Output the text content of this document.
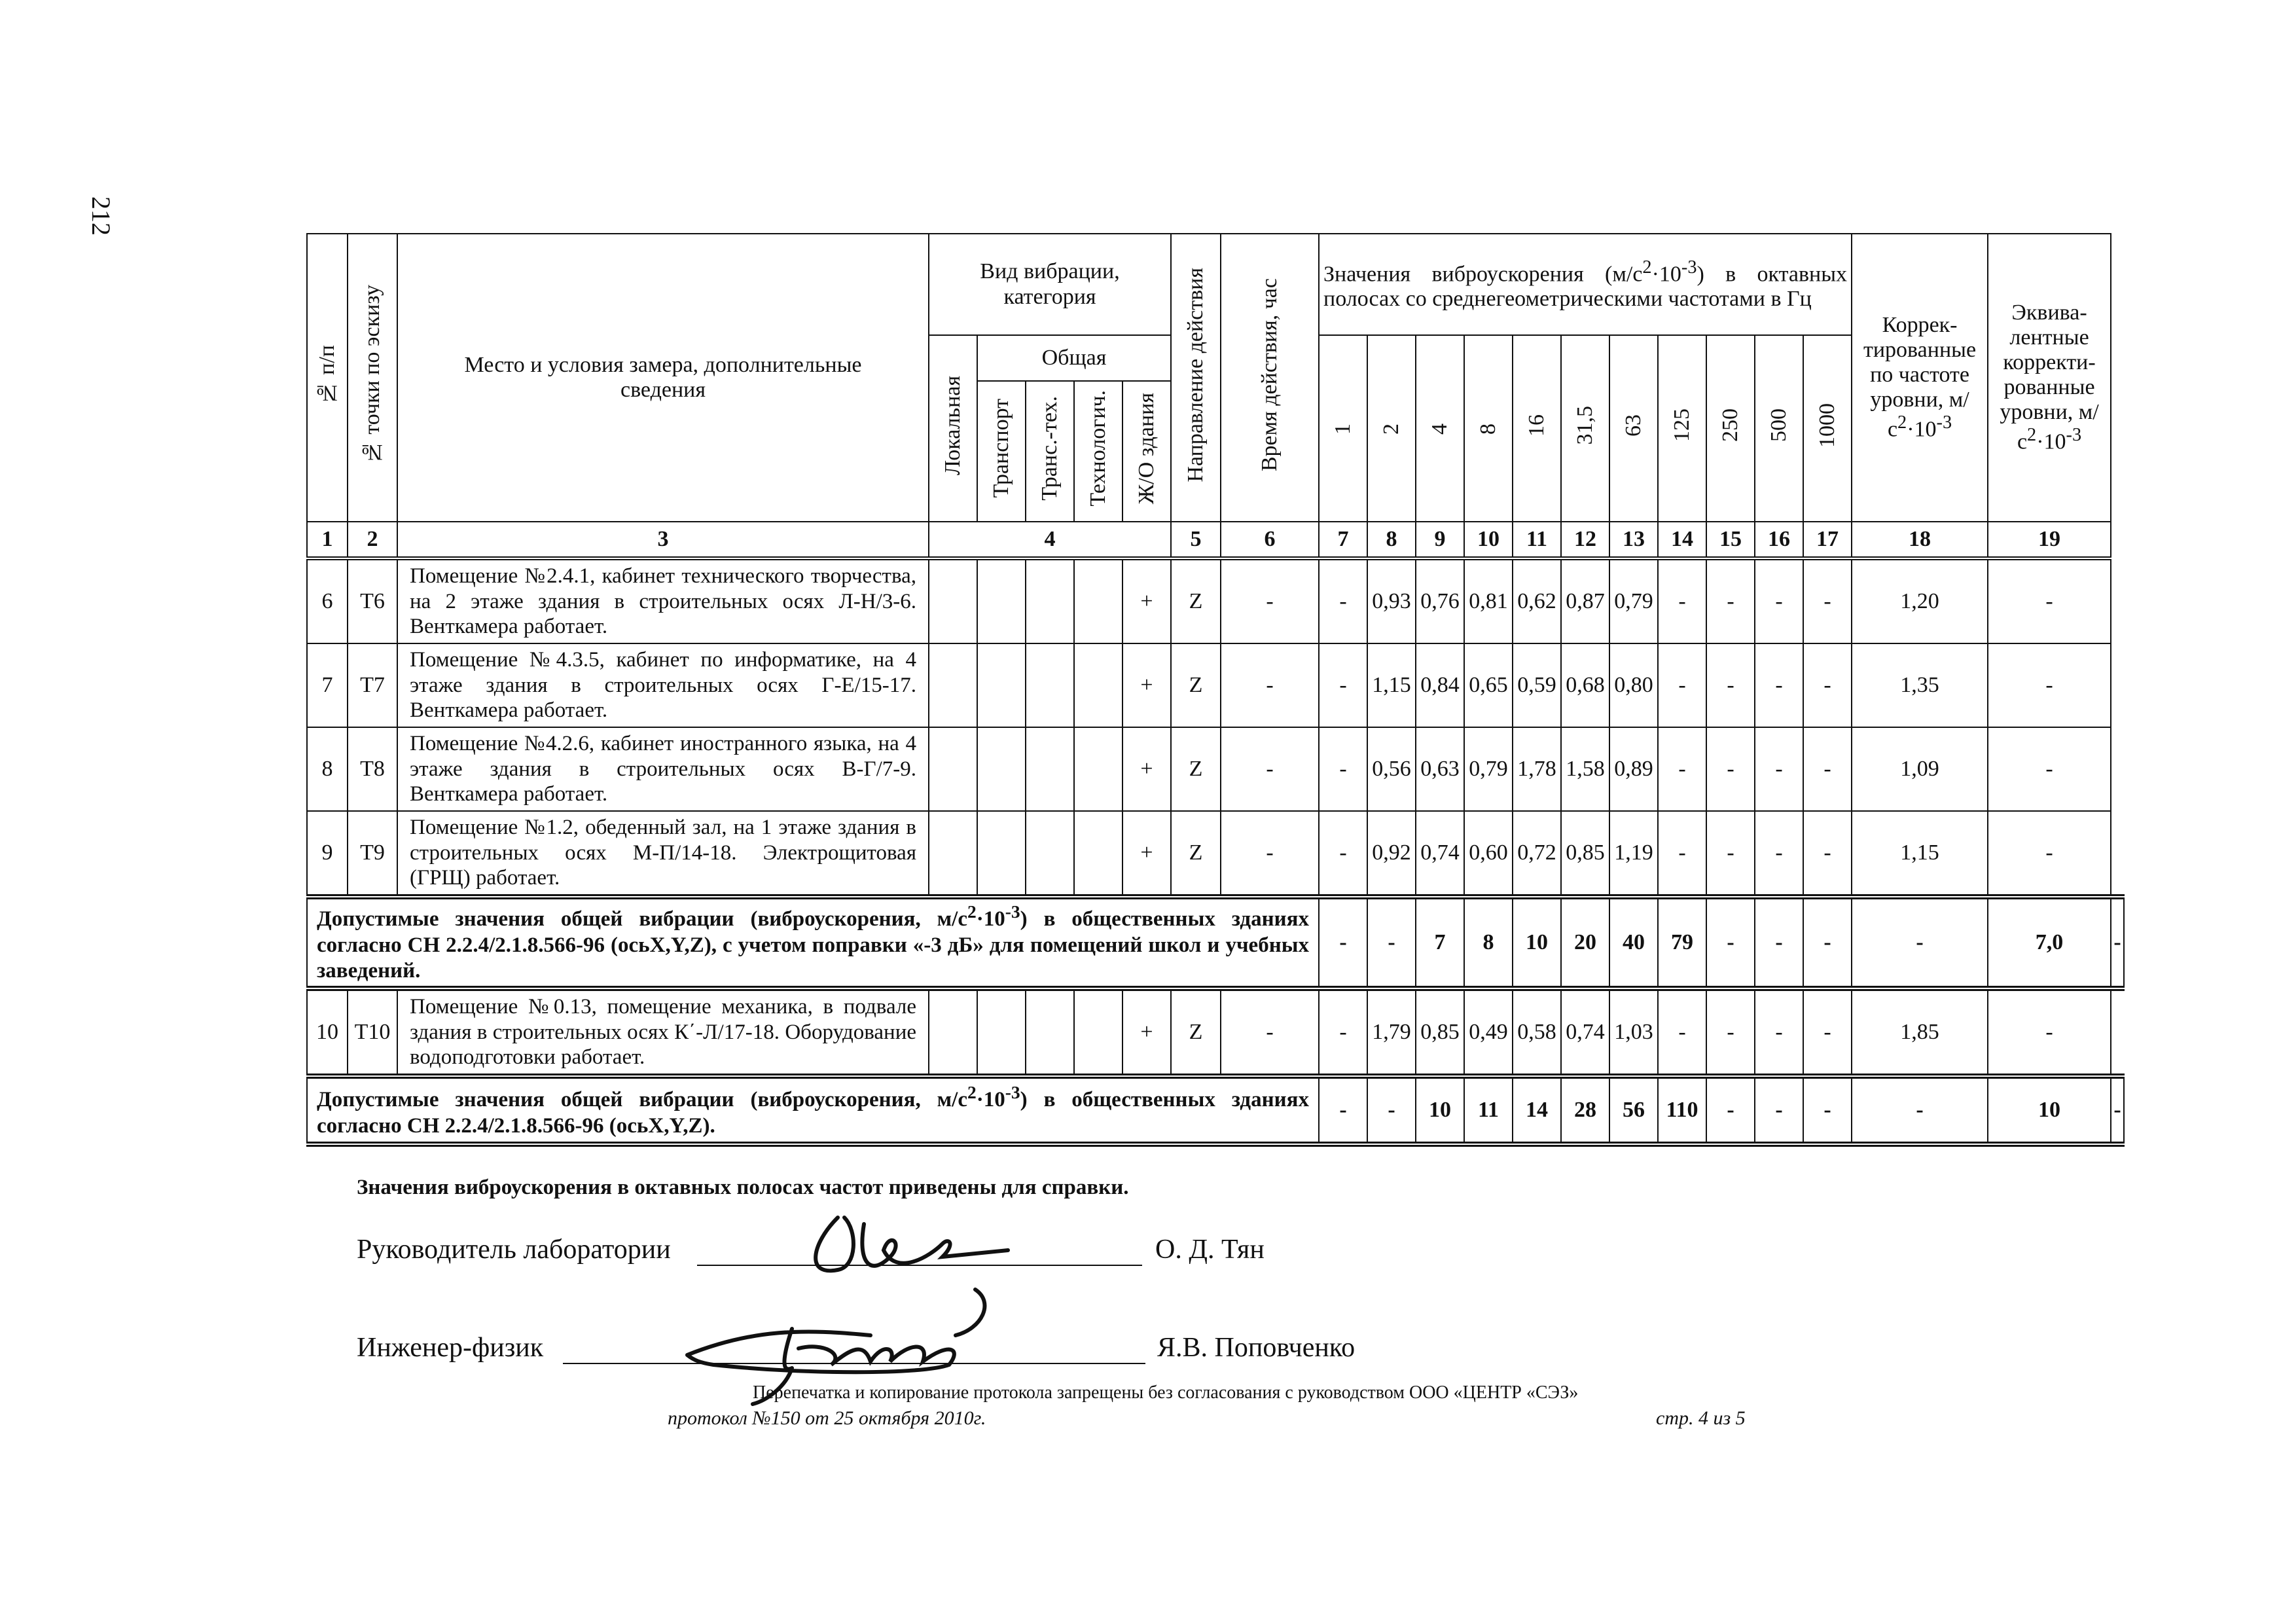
212
№ п/п	№ точки по эскизу	Место и условия замера, дополнительные сведения	Вид вибрации, категория					Направление действия	Время действия, час	Значения виброускорения $(м/с^2\cdot 10^{-3})$ в октавных полосах со среднегеометрическими частотами в Гц											Коррек-тированные по частоте уровни, $м/с^2\cdot 10^{-3}$	Эквива-лентные корректи-рованные уровни, $м/с^2\cdot 10^{-3}$
			Локальная	Общая						1	2	4	8	16	31,5	63	125	250	500	1000			
				Транспорт	Транс.-тех.	Технологич.	Ж/О здания																
1	2	3	4					5	6	7	8	9	10	11	12	13	14	15	16	17	18	19	
6	Т6	Помещение №2.4.1, кабинет технического творчества, на 2 этаже здания в строительных осях Л-Н/3-6. Венткамера работает.					+	Z	-	-	0,93	0,76	0,81	0,62	0,87	0,79	-	-	-	-	1,20	-	
7	Т7	Помещение №4.3.5, кабинет по информатике, на 4 этаже здания в строительных осях Г-Е/15-17. Венткамера работает.					+	Z	-	-	1,15	0,84	0,65	0,59	0,68	0,80	-	-	-	-	1,35	-	
8	Т8	Помещение №4.2.6, кабинет иностранного языка, на 4 этаже здания в строительных осях В-Г/7-9. Венткамера работает.					+	Z	-	-	0,56	0,63	0,79	1,78	1,58	0,89	-	-	-	-	1,09	-	
9	Т9	Помещение №1.2, обеденный зал, на 1 этаже здания в строительных осях М-П/14-18. Электрощитовая (ГРЩ) работает.					+	Z	-	-	0,92	0,74	0,60	0,72	0,85	1,19	-	-	-	-	1,15	-	
Допустимые значения общей вибрации (виброускорения, $м/с^2\cdot 10^{-3}$) в общественных зданиях согласно СН 2.2.4/2.1.8.566-96 (осьX,Y,Z), с учетом поправки «-3 дБ» для помещений школ и учебных заведений.										-	-	7	8	10	20	40	79	-	-	-	-	7,0	-
10	Т10	Помещение №0.13, помещение механика, в подвале здания в строительных осях К΄-Л/17-18. Оборудование водоподготовки работает.					+	Z	-	-	1,79	0,85	0,49	0,58	0,74	1,03	-	-	-	-	1,85	-	
Допустимые значения общей вибрации (виброускорения, $м/с^2\cdot 10^{-3}$) в общественных зданиях согласно СН 2.2.4/2.1.8.566-96 (осьX,Y,Z).										-	-	10	11	14	28	56	110	-	-	-	-	10	-
Значения виброускорения в октавных полосах частот приведены для справки.
Руководитель лаборатории	О. Д. Тян
Инженер-физик	Я.В. Поповченко
Перепечатка и копирование протокола запрещены без согласования с руководством ООО «ЦЕНТР «СЭЗ»
протокол №150 от 25 октября 2010г.	стр. 4 из 5
